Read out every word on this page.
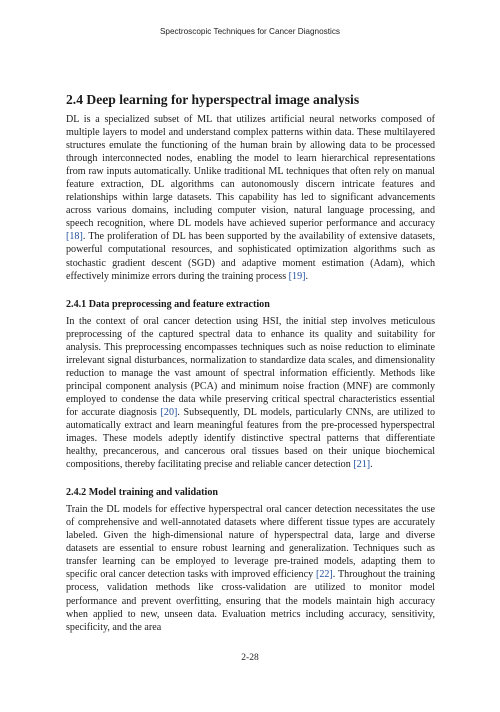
Spectroscopic Techniques for Cancer Diagnostics
2.4 Deep learning for hyperspectral image analysis

DL is a specialized subset of ML that utilizes artificial neural networks composed of multiple layers to model and understand complex patterns within data. These multilayered structures emulate the functioning of the human brain by allowing data to be processed through interconnected nodes, enabling the model to learn hierarchical representations from raw inputs automatically. Unlike traditional ML techniques that often rely on manual feature extraction, DL algorithms can autonomously discern intricate features and relationships within large datasets. This capability has led to significant advancements across various domains, including computer vision, natural language processing, and speech recognition, where DL models have achieved superior performance and accuracy [18]. The proliferation of DL has been supported by the availability of extensive datasets, powerful computational resources, and sophisticated optimization algorithms such as stochastic gradient descent (SGD) and adaptive moment estimation (Adam), which effectively minimize errors during the training process [19].

2.4.1 Data preprocessing and feature extraction

In the context of oral cancer detection using HSI, the initial step involves meticulous preprocessing of the captured spectral data to enhance its quality and suitability for analysis. This preprocessing encompasses techniques such as noise reduction to eliminate irrelevant signal disturbances, normalization to standardize data scales, and dimensionality reduction to manage the vast amount of spectral information efficiently. Methods like principal component analysis (PCA) and minimum noise fraction (MNF) are commonly employed to condense the data while preserving critical spectral characteristics essential for accurate diagnosis [20]. Subsequently, DL models, particularly CNNs, are utilized to automatically extract and learn meaningful features from the pre-processed hyperspectral images. These models adeptly identify distinctive spectral patterns that differentiate healthy, precancerous, and cancerous oral tissues based on their unique biochemical compositions, thereby facilitating precise and reliable cancer detection [21].

2.4.2 Model training and validation

Train the DL models for effective hyperspectral oral cancer detection necessitates the use of comprehensive and well-annotated datasets where different tissue types are accurately labeled. Given the high-dimensional nature of hyperspectral data, large and diverse datasets are essential to ensure robust learning and generalization. Techniques such as transfer learning can be employed to leverage pre-trained models, adapting them to specific oral cancer detection tasks with improved efficiency [22]. Throughout the training process, validation methods like cross-validation are utilized to monitor model performance and prevent overfitting, ensuring that the models maintain high accuracy when applied to new, unseen data. Evaluation metrics including accuracy, sensitivity, specificity, and the area

2-28
